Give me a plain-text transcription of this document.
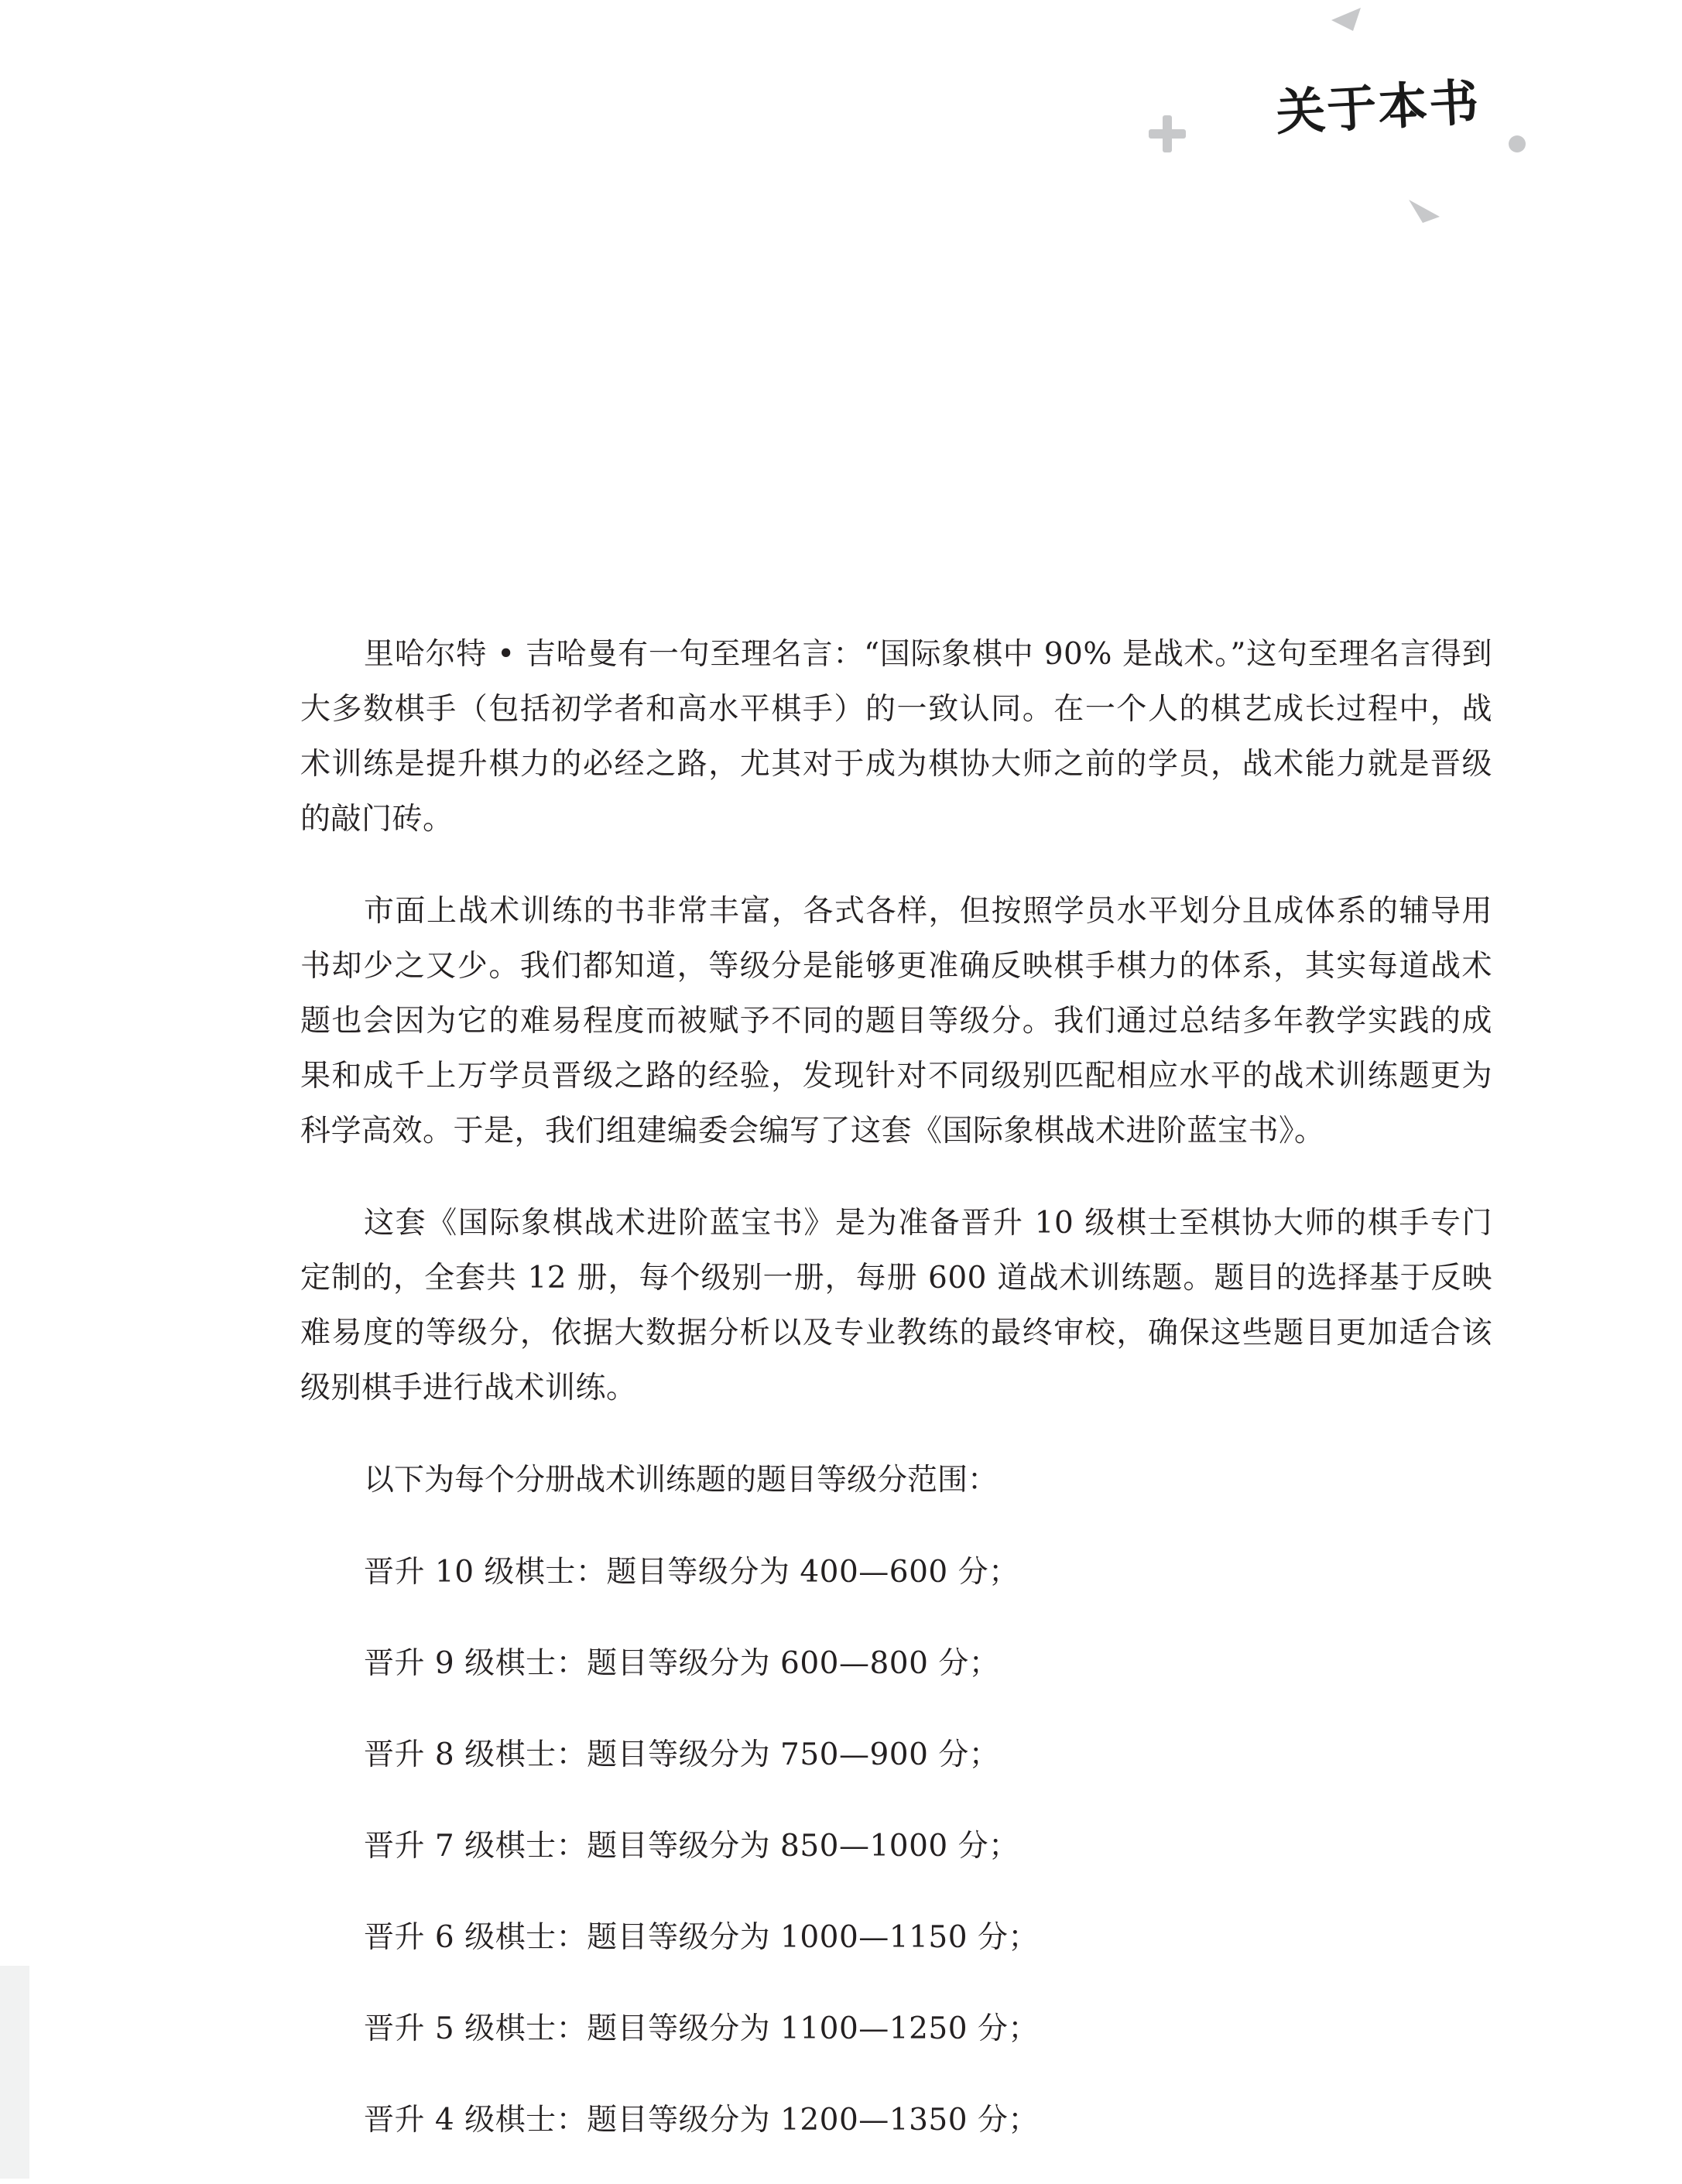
关于本书

里哈尔特 • 吉哈曼有一句至理名言：“国际象棋中 90% 是战术。”这句至理名言得到大多数棋手（包括初学者和高水平棋手）的一致认同。在一个人的棋艺成长过程中，战术训练是提升棋力的必经之路，尤其对于成为棋协大师之前的学员，战术能力就是晋级的敲门砖。

市面上战术训练的书非常丰富，各式各样，但按照学员水平划分且成体系的辅导用书却少之又少。我们都知道，等级分是能够更准确反映棋手棋力的体系，其实每道战术题也会因为它的难易程度而被赋予不同的题目等级分。我们通过总结多年教学实践的成果和成千上万学员晋级之路的经验，发现针对不同级别匹配相应水平的战术训练题更为科学高效。于是，我们组建编委会编写了这套《国际象棋战术进阶蓝宝书》。

这套《国际象棋战术进阶蓝宝书》是为准备晋升 10 级棋士至棋协大师的棋手专门定制的，全套共 12 册，每个级别一册，每册 600 道战术训练题。题目的选择基于反映难易度的等级分，依据大数据分析以及专业教练的最终审校，确保这些题目更加适合该级别棋手进行战术训练。

以下为每个分册战术训练题的题目等级分范围：

晋升 10 级棋士：题目等级分为 400—600 分；
晋升 9 级棋士：题目等级分为 600—800 分；
晋升 8 级棋士：题目等级分为 750—900 分；
晋升 7 级棋士：题目等级分为 850—1000 分；
晋升 6 级棋士：题目等级分为 1000—1150 分；
晋升 5 级棋士：题目等级分为 1100—1250 分；
晋升 4 级棋士：题目等级分为 1200—1350 分；
